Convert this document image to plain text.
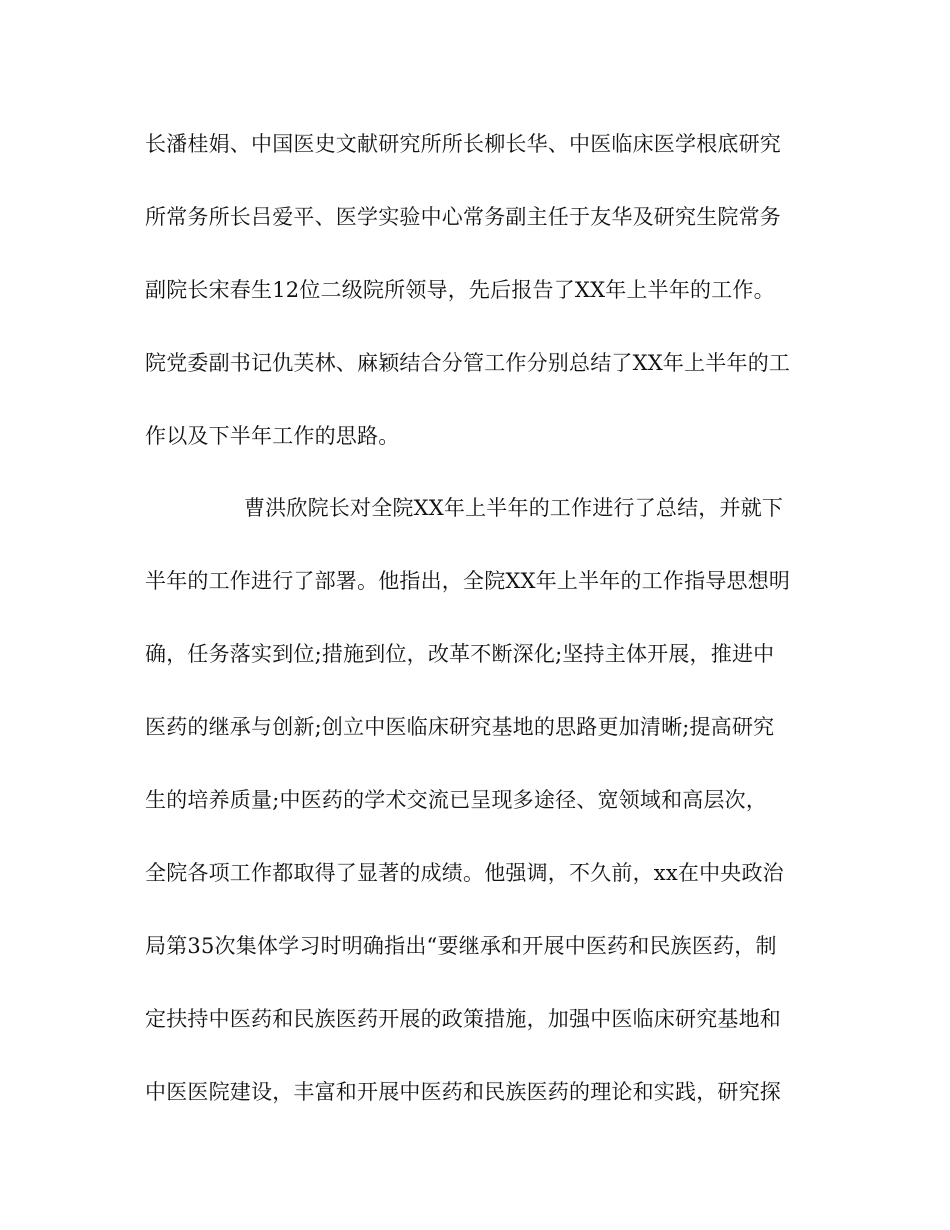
长潘桂娟、中国医史文献研究所所长柳长华、中医临床医学根底研究
所常务所长吕爱平、医学实验中心常务副主任于友华及研究生院常务
副院长宋春生12位二级院所领导，先后报告了XX年上半年的工作。
院党委副书记仇芙林、麻颖结合分管工作分别总结了XX年上半年的工
作以及下半年工作的思路。
曹洪欣院长对全院XX年上半年的工作进行了总结，并就下
半年的工作进行了部署。他指出，全院XX年上半年的工作指导思想明
确，任务落实到位;措施到位，改革不断深化;坚持主体开展，推进中
医药的继承与创新;创立中医临床研究基地的思路更加清晰;提高研究
生的培养质量;中医药的学术交流已呈现多途径、宽领域和高层次，
全院各项工作都取得了显著的成绩。他强调，不久前，xx在中央政治
局第35次集体学习时明确指出“要继承和开展中医药和民族医药，制
定扶持中医药和民族医药开展的政策措施，加强中医临床研究基地和
中医医院建设，丰富和开展中医药和民族医药的理论和实践，研究探
